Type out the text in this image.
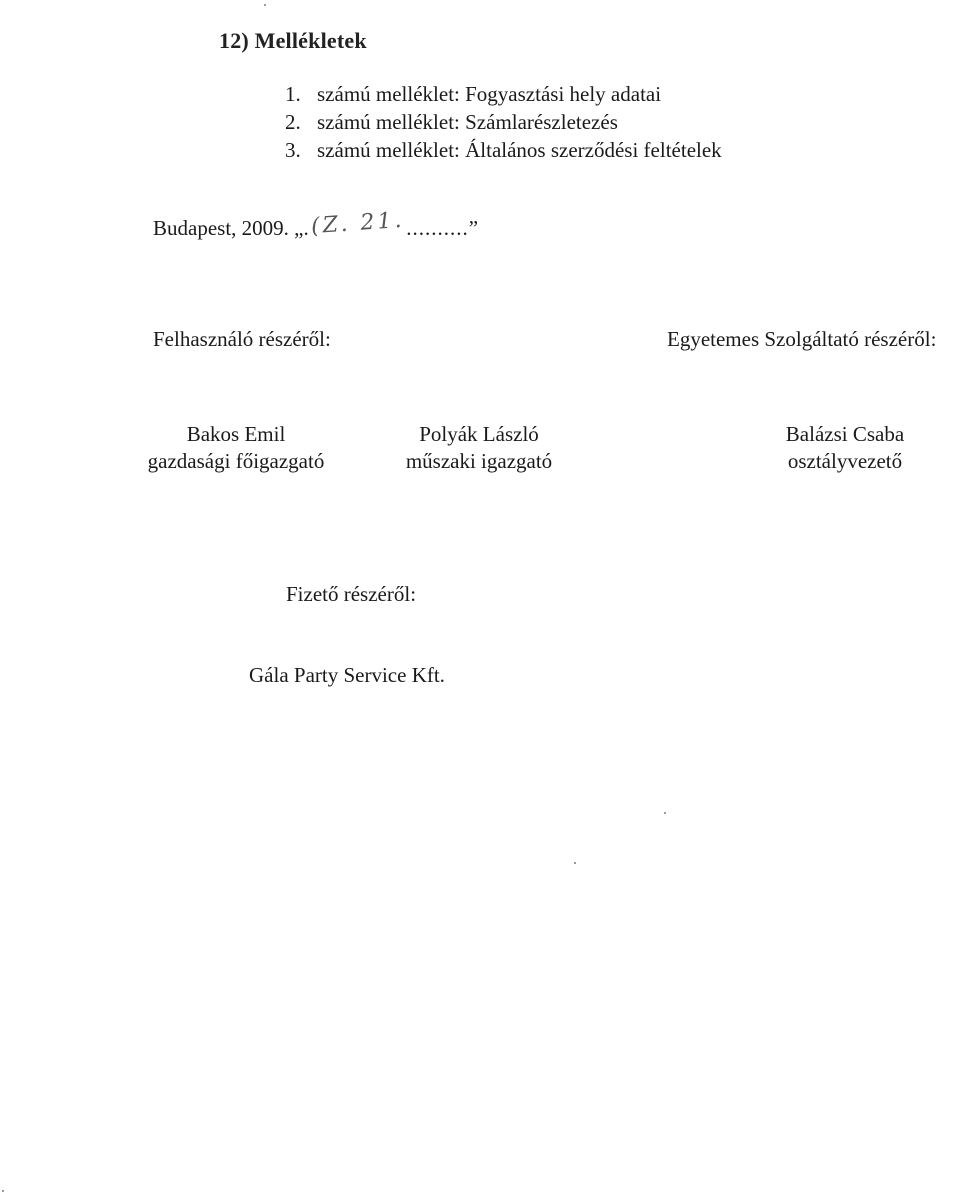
12) Mellékletek
1. számú melléklet: Fogyasztási hely adatai
2. számú melléklet: Számlarészletezés
3. számú melléklet: Általános szerződési feltételek
Budapest, 2009. „.(Z. 21...........”
Felhasználó részéről:	Egyetemes Szolgáltató részéről:
Bakos Emil
gazdasági főigazgató
Polyák László
műszaki igazgató
Balázsi Csaba
osztályvezető
Fizető részéről:
Gála Party Service Kft.
